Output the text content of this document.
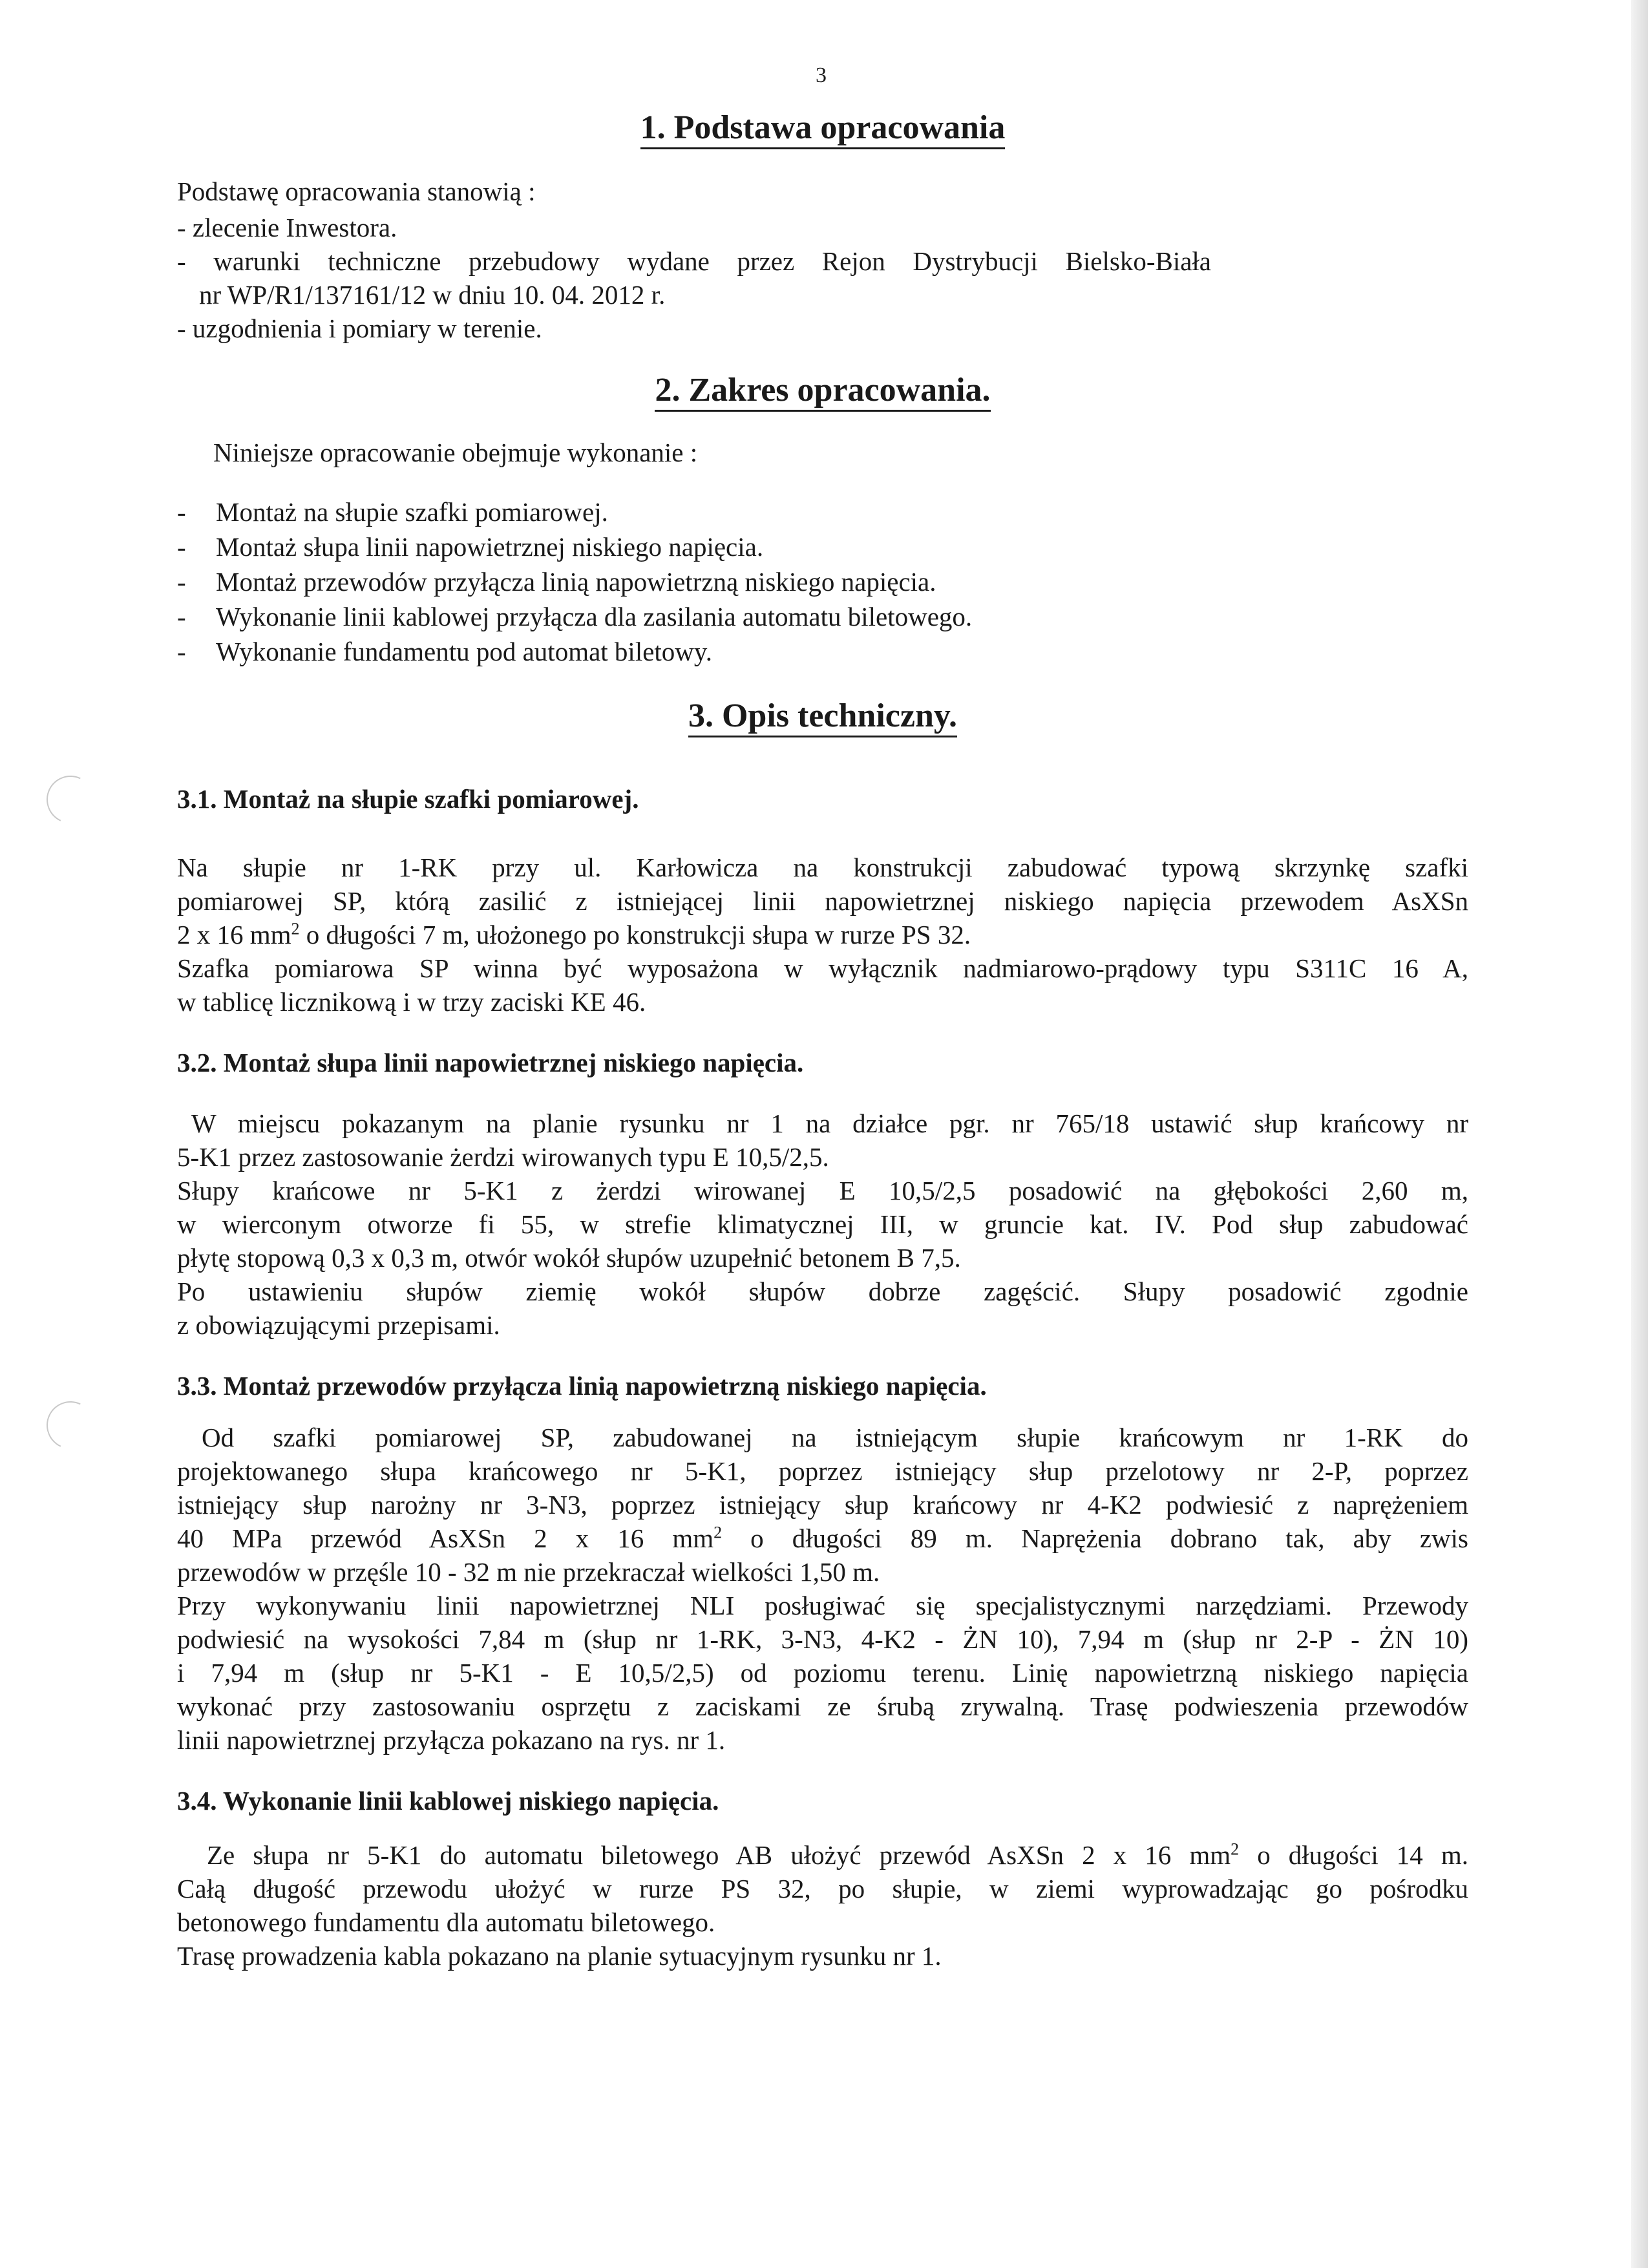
3
1. Podstawa opracowania
Podstawę opracowania stanowią :
- zlecenie Inwestora.
- warunki techniczne przebudowy wydane przez Rejon Dystrybucji Bielsko-Biała
nr WP/R1/137161/12 w dniu 10. 04. 2012 r.
- uzgodnienia i pomiary w terenie.
2. Zakres opracowania.
Niniejsze opracowanie obejmuje wykonanie :
- Montaż na słupie szafki pomiarowej.
- Montaż słupa linii napowietrznej niskiego napięcia.
- Montaż przewodów przyłącza linią napowietrzną niskiego napięcia.
- Wykonanie linii kablowej przyłącza dla zasilania automatu biletowego.
- Wykonanie fundamentu pod automat biletowy.
3. Opis techniczny.
3.1. Montaż na słupie szafki pomiarowej.
Na słupie nr 1-RK przy ul. Karłowicza na konstrukcji zabudować typową skrzynkę szafki
pomiarowej SP, którą zasilić z istniejącej linii napowietrznej niskiego napięcia przewodem AsXSn
2 x 16 $mm^2$ o długości 7 m, ułożonego po konstrukcji słupa w rurze PS 32.
Szafka pomiarowa SP winna być wyposażona w wyłącznik nadmiarowo-prądowy typu S311C 16 A,
w tablicę licznikową i w trzy zaciski KE 46.
3.2. Montaż słupa linii napowietrznej niskiego napięcia.
W miejscu pokazanym na planie rysunku nr 1 na działce pgr. nr 765/18 ustawić słup krańcowy nr
5-K1 przez zastosowanie żerdzi wirowanych typu E 10,5/2,5.
Słupy krańcowe nr 5-K1 z żerdzi wirowanej E 10,5/2,5 posadowić na głębokości 2,60 m,
w wierconym otworze fi 55, w strefie klimatycznej III, w gruncie kat. IV. Pod słup zabudować
płytę stopową 0,3 x 0,3 m, otwór wokół słupów uzupełnić betonem B 7,5.
Po ustawieniu słupów ziemię wokół słupów dobrze zagęścić. Słupy posadowić zgodnie
z obowiązującymi przepisami.
3.3. Montaż przewodów przyłącza linią napowietrzną niskiego napięcia.
Od szafki pomiarowej SP, zabudowanej na istniejącym słupie krańcowym nr 1-RK do
projektowanego słupa krańcowego nr 5-K1, poprzez istniejący słup przelotowy nr 2-P, poprzez
istniejący słup narożny nr 3-N3, poprzez istniejący słup krańcowy nr 4-K2 podwiesić z naprężeniem
40 MPa przewód AsXSn 2 x 16 $mm^2$ o długości 89 m. Naprężenia dobrano tak, aby zwis
przewodów w przęśle 10 - 32 m nie przekraczał wielkości 1,50 m.
Przy wykonywaniu linii napowietrznej NLI posługiwać się specjalistycznymi narzędziami. Przewody
podwiesić na wysokości 7,84 m (słup nr 1-RK, 3-N3, 4-K2 - ŻN 10), 7,94 m (słup nr 2-P - ŻN 10)
i 7,94 m (słup nr 5-K1 - E 10,5/2,5) od poziomu terenu. Linię napowietrzną niskiego napięcia
wykonać przy zastosowaniu osprzętu z zaciskami ze śrubą zrywalną. Trasę podwieszenia przewodów
linii napowietrznej przyłącza pokazano na rys. nr 1.
3.4. Wykonanie linii kablowej niskiego napięcia.
Ze słupa nr 5-K1 do automatu biletowego AB ułożyć przewód AsXSn 2 x 16 $mm^2$ o długości 14 m.
Całą długość przewodu ułożyć w rurze PS 32, po słupie, w ziemi wyprowadzając go pośrodku
betonowego fundamentu dla automatu biletowego.
Trasę prowadzenia kabla pokazano na planie sytuacyjnym rysunku nr 1.
